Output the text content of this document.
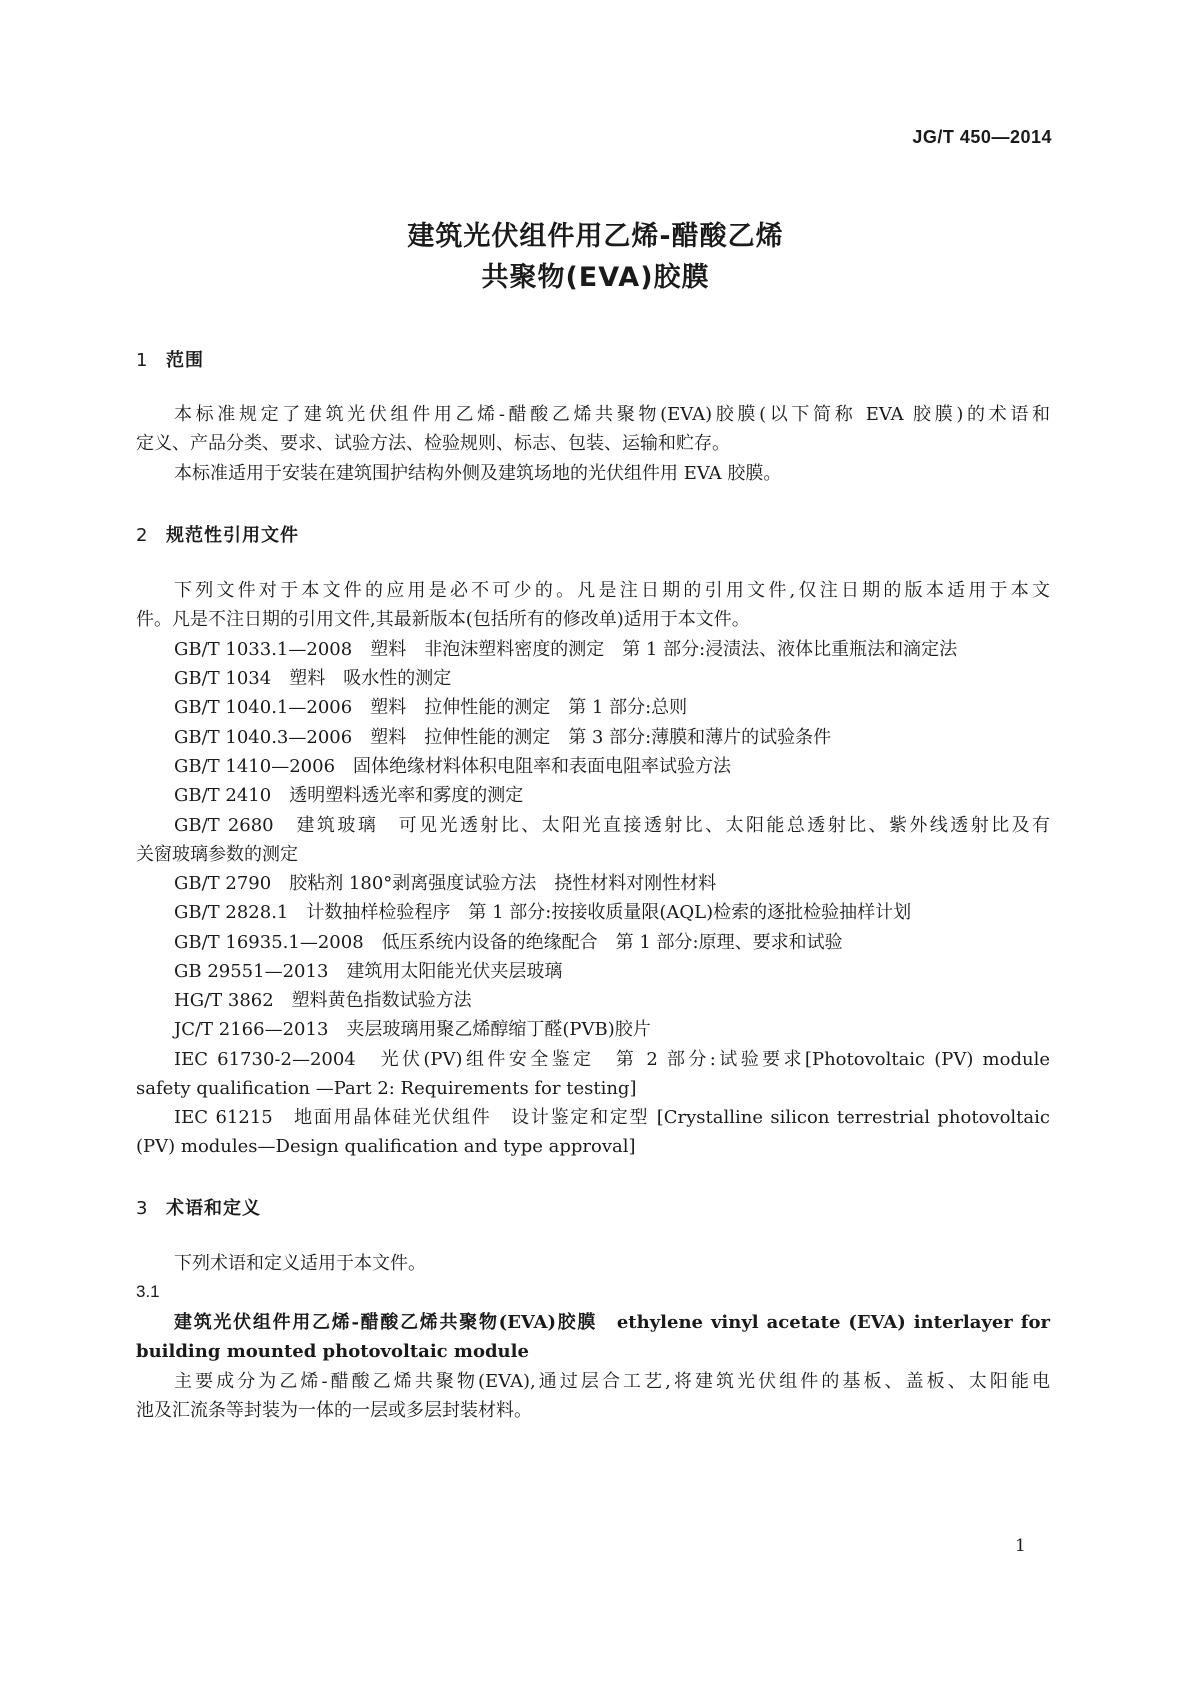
JG/T 450—2014
建筑光伏组件用乙烯-醋酸乙烯
共聚物(EVA)胶膜
1 范围
本标准规定了建筑光伏组件用乙烯-醋酸乙烯共聚物(EVA)胶膜(以下简称 EVA 胶膜)的术语和
定义、产品分类、要求、试验方法、检验规则、标志、包装、运输和贮存。
本标准适用于安装在建筑围护结构外侧及建筑场地的光伏组件用 EVA 胶膜。
2 规范性引用文件
下列文件对于本文件的应用是必不可少的。凡是注日期的引用文件,仅注日期的版本适用于本文
件。凡是不注日期的引用文件,其最新版本(包括所有的修改单)适用于本文件。
GB/T 1033.1—2008　塑料　非泡沫塑料密度的测定　第 1 部分:浸渍法、液体比重瓶法和滴定法
GB/T 1034　塑料　吸水性的测定
GB/T 1040.1—2006　塑料　拉伸性能的测定　第 1 部分:总则
GB/T 1040.3—2006　塑料　拉伸性能的测定　第 3 部分:薄膜和薄片的试验条件
GB/T 1410—2006　固体绝缘材料体积电阻率和表面电阻率试验方法
GB/T 2410　透明塑料透光率和雾度的测定
GB/T 2680　建筑玻璃　可见光透射比、太阳光直接透射比、太阳能总透射比、紫外线透射比及有
关窗玻璃参数的测定
GB/T 2790　胶粘剂 180°剥离强度试验方法　挠性材料对刚性材料
GB/T 2828.1　计数抽样检验程序　第 1 部分:按接收质量限(AQL)检索的逐批检验抽样计划
GB/T 16935.1—2008　低压系统内设备的绝缘配合　第 1 部分:原理、要求和试验
GB 29551—2013　建筑用太阳能光伏夹层玻璃
HG/T 3862　塑料黄色指数试验方法
JC/T 2166—2013　夹层玻璃用聚乙烯醇缩丁醛(PVB)胶片
IEC 61730-2—2004　光伏(PV)组件安全鉴定　第 2 部分:试验要求[Photovoltaic (PV) module
safety qualification —Part 2: Requirements for testing]
IEC 61215　地面用晶体硅光伏组件　设计鉴定和定型 [Crystalline silicon terrestrial photovoltaic
(PV) modules—Design qualification and type approval]
3 术语和定义
下列术语和定义适用于本文件。
3.1
建筑光伏组件用乙烯-醋酸乙烯共聚物(EVA)胶膜　ethylene vinyl acetate (EVA) interlayer for
building mounted photovoltaic module
主要成分为乙烯-醋酸乙烯共聚物(EVA),通过层合工艺,将建筑光伏组件的基板、盖板、太阳能电
池及汇流条等封装为一体的一层或多层封装材料。
1
